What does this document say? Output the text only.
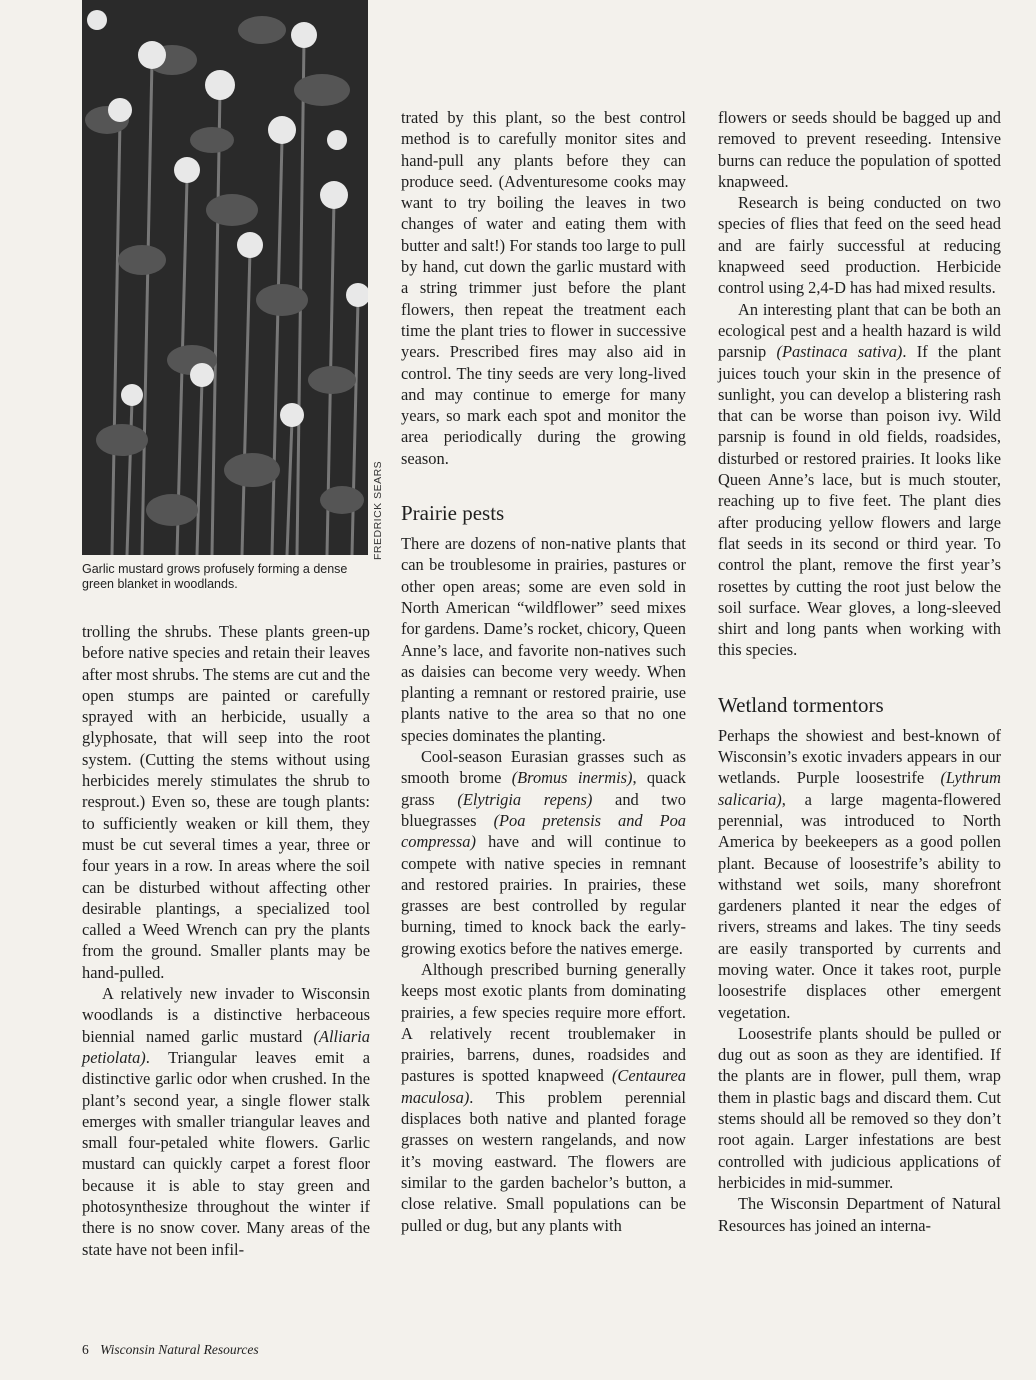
FREDRICK SEARS
Garlic mustard grows profusely forming a dense green blanket in woodlands.

trolling the shrubs. These plants green-up before native species and retain their leaves after most shrubs. The stems are cut and the open stumps are painted or carefully sprayed with an herbicide, usually a glyphosate, that will seep into the root system. (Cutting the stems without using herbicides merely stimulates the shrub to resprout.) Even so, these are tough plants: to sufficiently weaken or kill them, they must be cut several times a year, three or four years in a row. In areas where the soil can be disturbed without affecting other desirable plantings, a specialized tool called a Weed Wrench can pry the plants from the ground. Smaller plants may be hand-pulled.

A relatively new invader to Wisconsin woodlands is a distinctive herbaceous biennial named garlic mustard (Alliaria petiolata). Triangular leaves emit a distinctive garlic odor when crushed. In the plant’s second year, a single flower stalk emerges with smaller triangular leaves and small four-petaled white flowers. Garlic mustard can quickly carpet a forest floor because it is able to stay green and photosynthesize throughout the winter if there is no snow cover. Many areas of the state have not been infil-

trated by this plant, so the best control method is to carefully monitor sites and hand-pull any plants before they can produce seed. (Adventuresome cooks may want to try boiling the leaves in two changes of water and eating them with butter and salt!) For stands too large to pull by hand, cut down the garlic mustard with a string trimmer just before the plant flowers, then repeat the treatment each time the plant tries to flower in successive years. Prescribed fires may also aid in control. The tiny seeds are very long-lived and may continue to emerge for many years, so mark each spot and monitor the area periodically during the growing season.

Prairie pests

There are dozens of non-native plants that can be troublesome in prairies, pastures or other open areas; some are even sold in North American “wildflower” seed mixes for gardens. Dame’s rocket, chicory, Queen Anne’s lace, and favorite non-natives such as daisies can become very weedy. When planting a remnant or restored prairie, use plants native to the area so that no one species dominates the planting.

Cool-season Eurasian grasses such as smooth brome (Bromus inermis), quack grass (Elytrigia repens) and two bluegrasses (Poa pretensis and Poa compressa) have and will continue to compete with native species in remnant and restored prairies. In prairies, these grasses are best controlled by regular burning, timed to knock back the early-growing exotics before the natives emerge.

Although prescribed burning generally keeps most exotic plants from dominating prairies, a few species require more effort. A relatively recent troublemaker in prairies, barrens, dunes, roadsides and pastures is spotted knapweed (Centaurea maculosa). This problem perennial displaces both native and planted forage grasses on western rangelands, and now it’s moving eastward. The flowers are similar to the garden bachelor’s button, a close relative. Small populations can be pulled or dug, but any plants with

flowers or seeds should be bagged up and removed to prevent reseeding. Intensive burns can reduce the population of spotted knapweed.

Research is being conducted on two species of flies that feed on the seed head and are fairly successful at reducing knapweed seed production. Herbicide control using 2,4-D has had mixed results.

An interesting plant that can be both an ecological pest and a health hazard is wild parsnip (Pastinaca sativa). If the plant juices touch your skin in the presence of sunlight, you can develop a blistering rash that can be worse than poison ivy. Wild parsnip is found in old fields, roadsides, disturbed or restored prairies. It looks like Queen Anne’s lace, but is much stouter, reaching up to five feet. The plant dies after producing yellow flowers and large flat seeds in its second or third year. To control the plant, remove the first year’s rosettes by cutting the root just below the soil surface. Wear gloves, a long-sleeved shirt and long pants when working with this species.

Wetland tormentors

Perhaps the showiest and best-known of Wisconsin’s exotic invaders appears in our wetlands. Purple loosestrife (Lythrum salicaria), a large magenta-flowered perennial, was introduced to North America by beekeepers as a good pollen plant. Because of loosestrife’s ability to withstand wet soils, many shorefront gardeners planted it near the edges of rivers, streams and lakes. The tiny seeds are easily transported by currents and moving water. Once it takes root, purple loosestrife displaces other emergent vegetation.

Loosestrife plants should be pulled or dug out as soon as they are identified. If the plants are in flower, pull them, wrap them in plastic bags and discard them. Cut stems should all be removed so they don’t root again. Larger infestations are best controlled with judicious applications of herbicides in mid-summer.

The Wisconsin Department of Natural Resources has joined an interna-

6 Wisconsin Natural Resources
